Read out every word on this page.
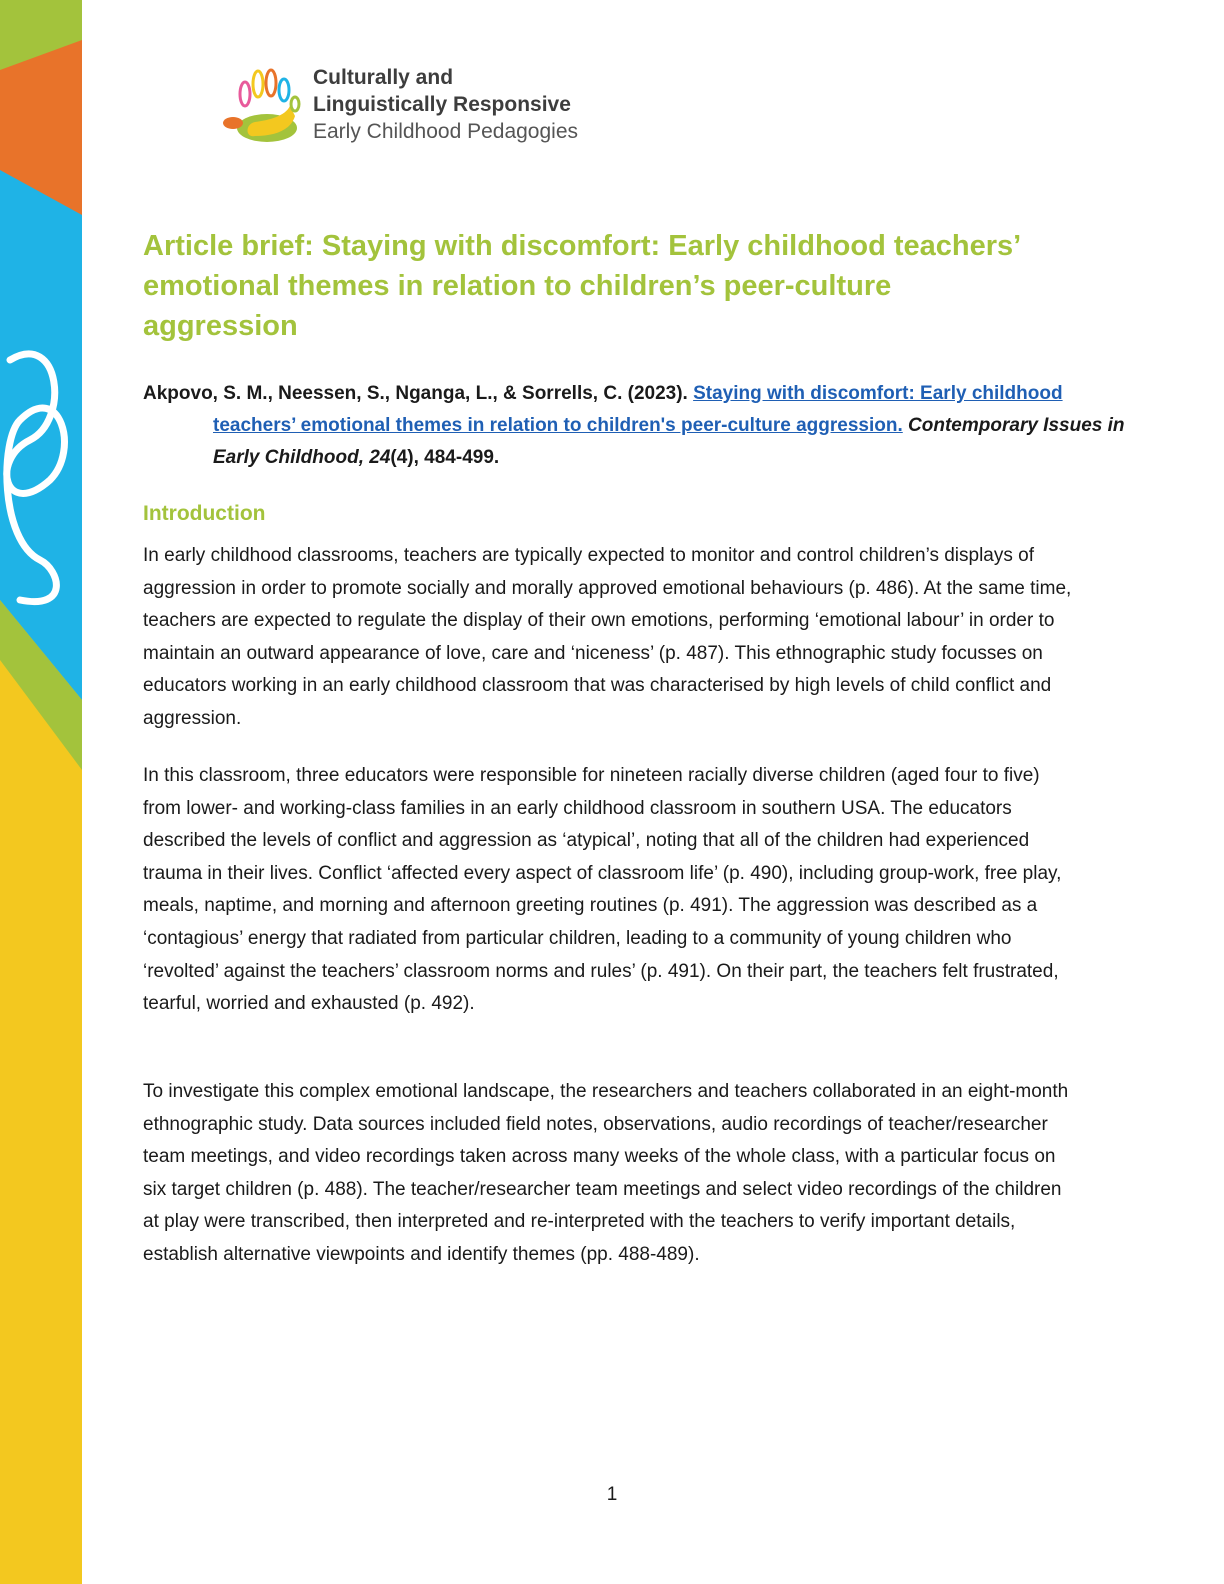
Culturally and
Linguistically Responsive
Early Childhood Pedagogies
Article brief: Staying with discomfort: Early childhood teachers’ emotional themes in relation to children’s peer-culture aggression

Akpovo, S. M., Neessen, S., Nganga, L., & Sorrells, C. (2023). Staying with discomfort: Early childhood teachers’ emotional themes in relation to children's peer-culture aggression. Contemporary Issues in Early Childhood, 24(4), 484-499.

Introduction

In early childhood classrooms, teachers are typically expected to monitor and control children’s displays of aggression in order to promote socially and morally approved emotional behaviours (p. 486). At the same time, teachers are expected to regulate the display of their own emotions, performing ‘emotional labour’ in order to maintain an outward appearance of love, care and ‘niceness’ (p. 487). This ethnographic study focusses on educators working in an early childhood classroom that was characterised by high levels of child conflict and aggression.

In this classroom, three educators were responsible for nineteen racially diverse children (aged four to five) from lower- and working-class families in an early childhood classroom in southern USA. The educators described the levels of conflict and aggression as ‘atypical’, noting that all of the children had experienced trauma in their lives. Conflict ‘affected every aspect of classroom life’ (p. 490), including group-work, free play, meals, naptime, and morning and afternoon greeting routines (p. 491). The aggression was described as a ‘contagious’ energy that radiated from particular children, leading to a community of young children who ‘revolted’ against the teachers’ classroom norms and rules’ (p. 491). On their part, the teachers felt frustrated, tearful, worried and exhausted (p. 492).

To investigate this complex emotional landscape, the researchers and teachers collaborated in an eight-month ethnographic study. Data sources included field notes, observations, audio recordings of teacher/researcher team meetings, and video recordings taken across many weeks of the whole class, with a particular focus on six target children (p. 488). The teacher/researcher team meetings and select video recordings of the children at play were transcribed, then interpreted and re-interpreted with the teachers to verify important details, establish alternative viewpoints and identify themes (pp. 488-489).

1
